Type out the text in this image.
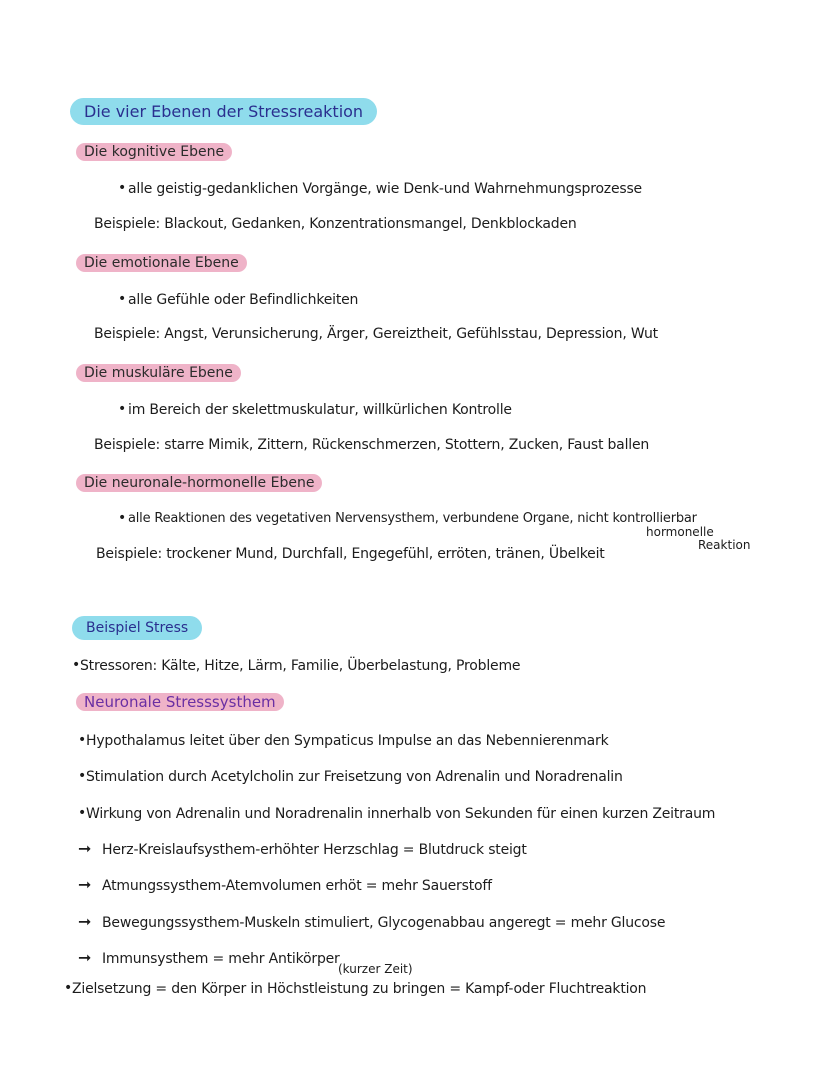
Die vier Ebenen der Stressreaktion
Die kognitive Ebene
• alle geistig-gedanklichen Vorgänge, wie Denk-und Wahrnehmungsprozesse
Beispiele: Blackout, Gedanken, Konzentrationsmangel, Denkblockaden
Die emotionale Ebene
• alle Gefühle oder Befindlichkeiten
Beispiele: Angst, Verunsicherung, Ärger, Gereiztheit, Gefühlsstau, Depression, Wut
Die muskuläre Ebene
• im Bereich der skelettmuskulatur, willkürlichen Kontrolle
Beispiele: starre Mimik, Zittern, Rückenschmerzen, Stottern, Zucken, Faust ballen
Die neuronale-hormonelle Ebene
• alle Reaktionen des vegetativen Nervensysthem, verbundene Organe, nicht kontrollierbar
hormonelle
Reaktion
Beispiele: trockener Mund, Durchfall, Engegefühl, erröten, tränen, Übelkeit
Beispiel Stress
• Stressoren: Kälte, Hitze, Lärm, Familie, Überbelastung, Probleme
Neuronale Stresssysthem
• Hypothalamus leitet über den Sympaticus Impulse an das Nebennierenmark
• Stimulation durch Acetylcholin zur Freisetzung von Adrenalin und Noradrenalin
• Wirkung von Adrenalin und Noradrenalin innerhalb von Sekunden für einen kurzen Zeitraum
➞ Herz-Kreislaufsysthem-erhöhter Herzschlag = Blutdruck steigt
➞ Atmungssysthem-Atemvolumen erhöt = mehr Sauerstoff
➞ Bewegungssysthem-Muskeln stimuliert, Glycogenabbau angeregt = mehr Glucose
➞ Immunsysthem = mehr Antikörper
(kurzer Zeit)
• Zielsetzung = den Körper in Höchstleistung zu bringen = Kampf-oder Fluchtreaktion
